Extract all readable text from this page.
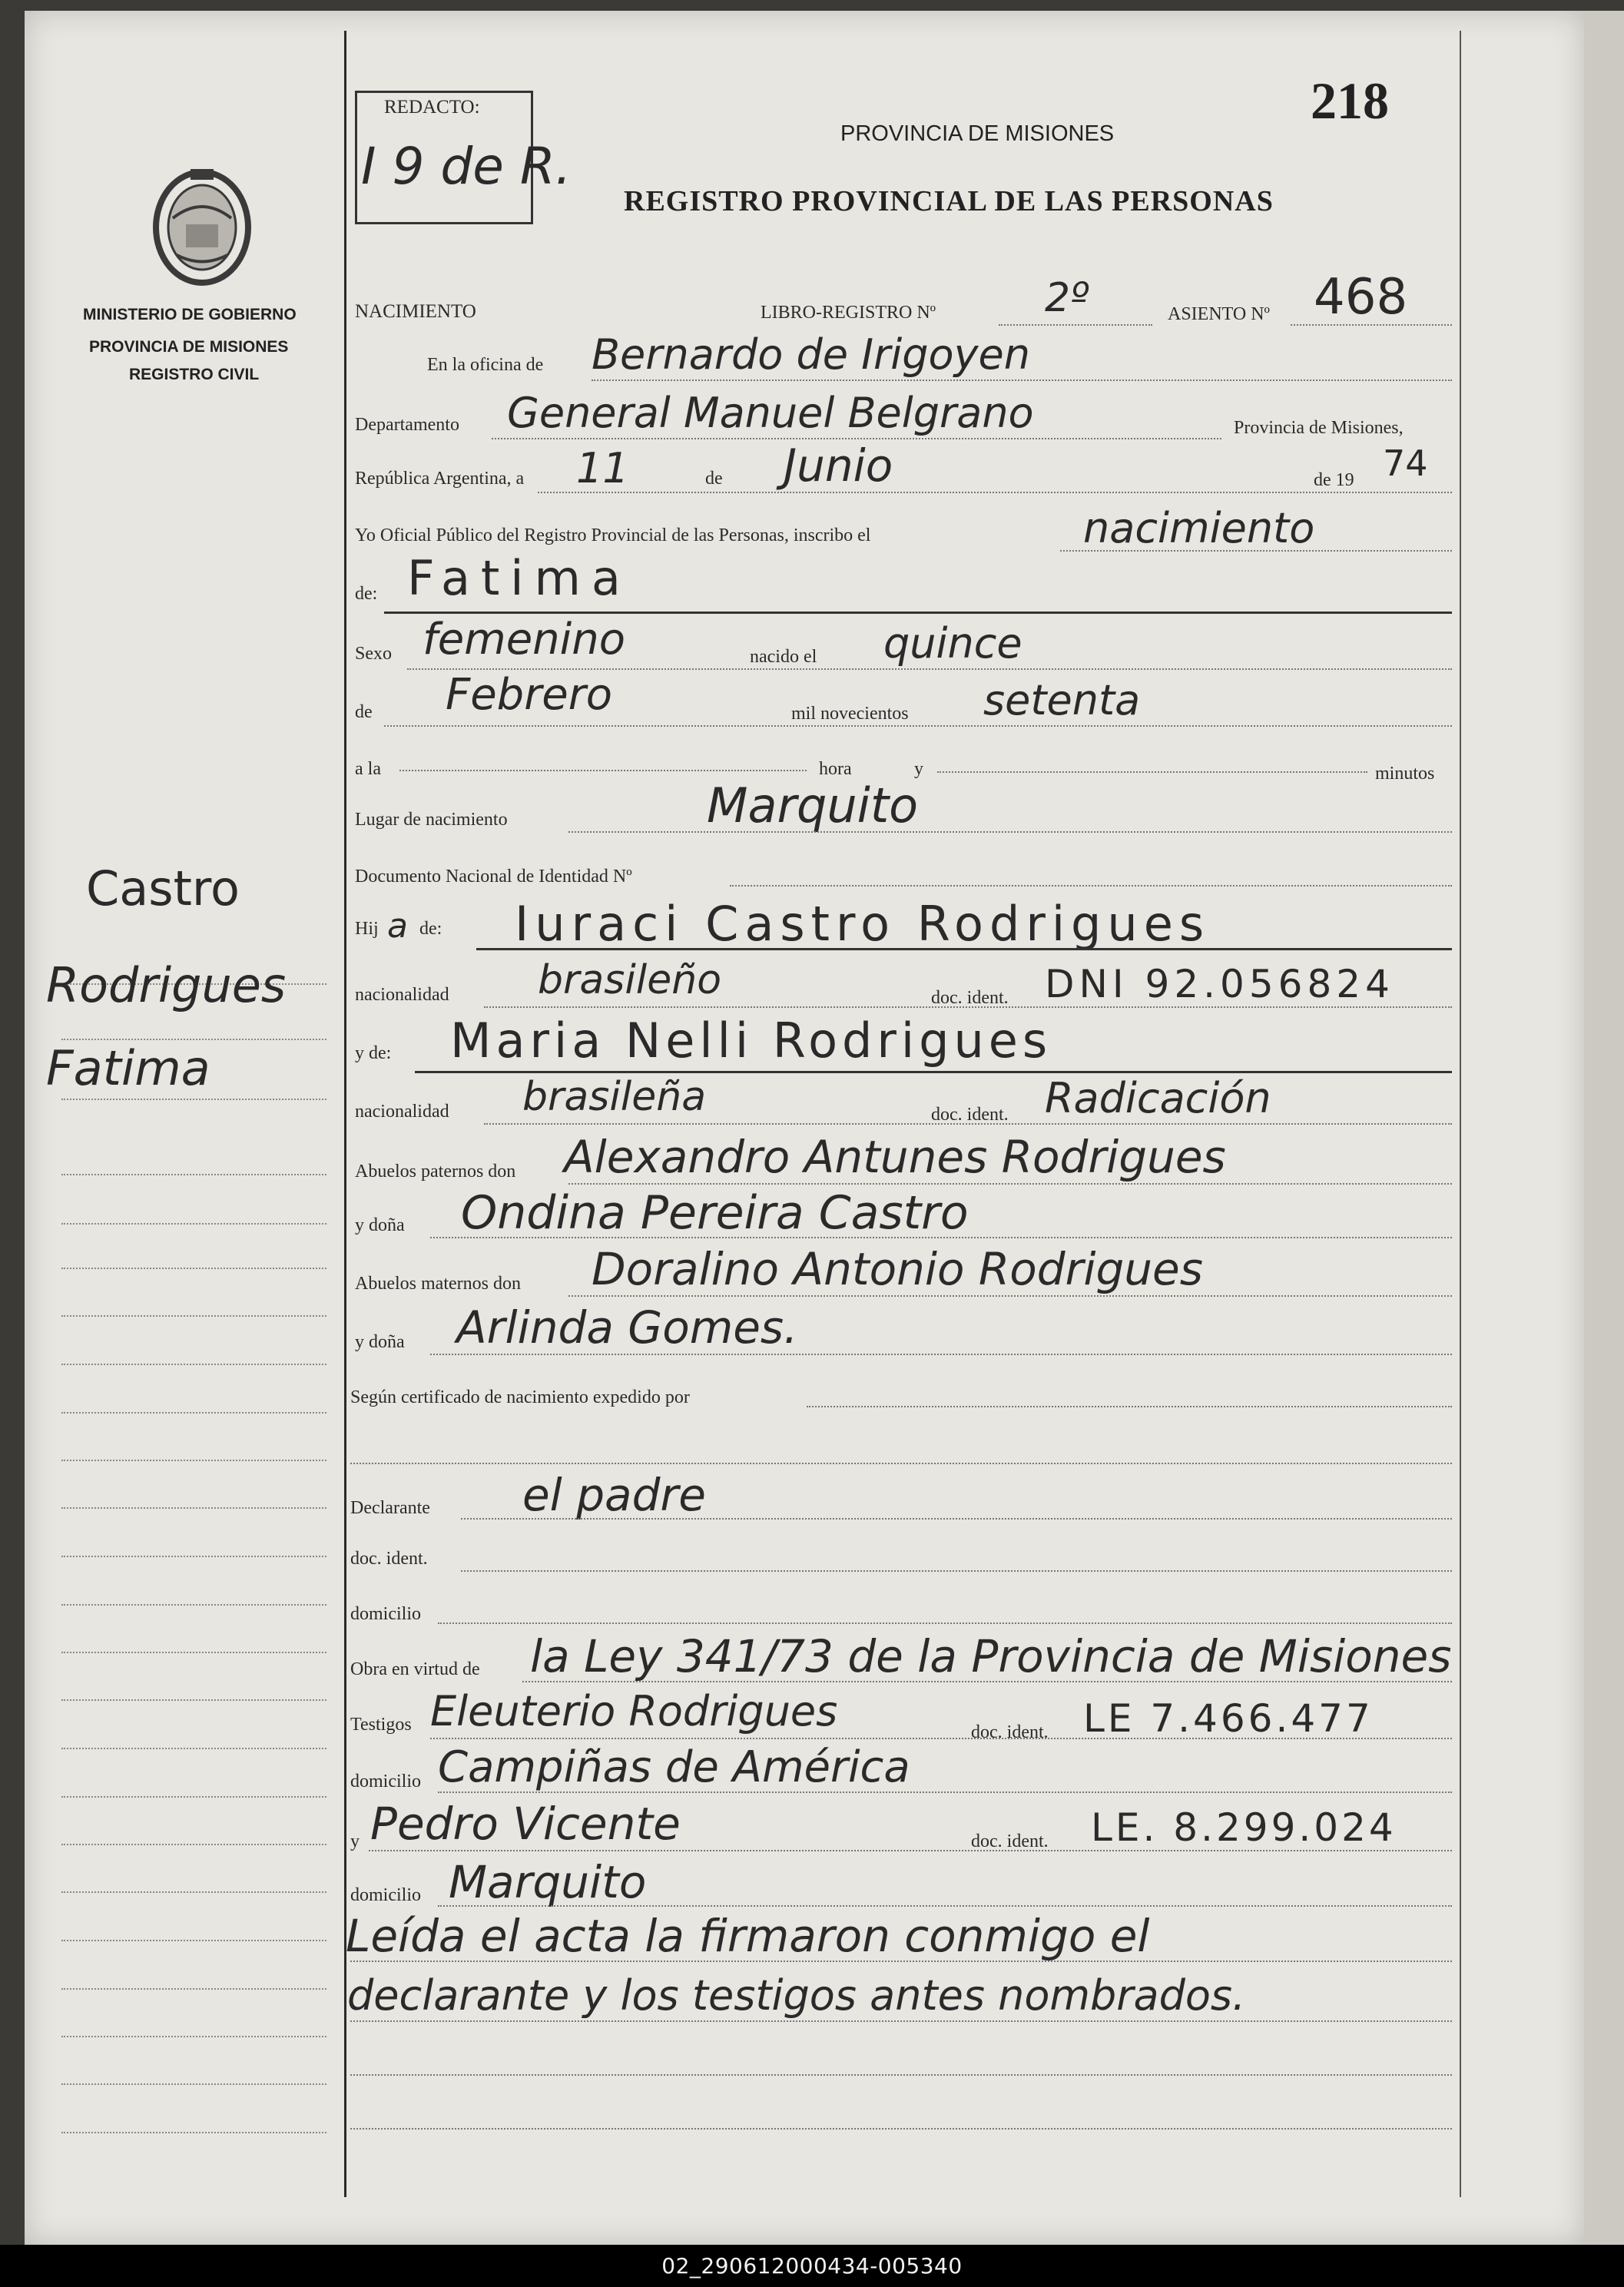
218
REDACTO:
I 9 de R.
MINISTERIO DE GOBIERNO
PROVINCIA DE MISIONES
REGISTRO CIVIL
PROVINCIA DE MISIONES
REGISTRO PROVINCIAL DE LAS PERSONAS
Castro
Rodrigues
Fatima
NACIMIENTO	LIBRO-REGISTRO Nº	2º	ASIENTO Nº 468
En la oficina de Bernardo de Irigoyen
Departamento General Manuel Belgrano	Provincia de Misiones,
República Argentina, a 11	de Junio	de 19 74
Yo Oficial Público del Registro Provincial de las Personas, inscribo el	nacimiento
de: Fatima
Sexo femenino	nacido el quince
de Febrero	mil novecientos setenta
a la	hora	y	minutos
Lugar de nacimiento	Marquito
Documento Nacional de Identidad Nº
Hij a de: Iuraci Castro Rodrigues
nacionalidad brasileño	doc. ident. DNI 92.056824
y de: Maria Nelli Rodrigues
nacionalidad brasileña	doc. ident. Radicación
Abuelos paternos don Alexandro Antunes Rodrigues
y doña Ondina Pereira Castro
Abuelos maternos don Doralino Antonio Rodrigues
y doña Arlinda Gomes.
Según certificado de nacimiento expedido por
Declarante el padre
doc. ident.
domicilio
Obra en virtud de la Ley 341/73 de la Provincia de Misiones
Testigos Eleuterio Rodrigues	doc. ident. LE 7.466.477
domicilio Campiñas de América
y Pedro Vicente	doc. ident. LE. 8.299.024
domicilio Marquito
Leída el acta la firmaron conmigo el
declarante y los testigos antes nombrados.
02_290612000434-005340
